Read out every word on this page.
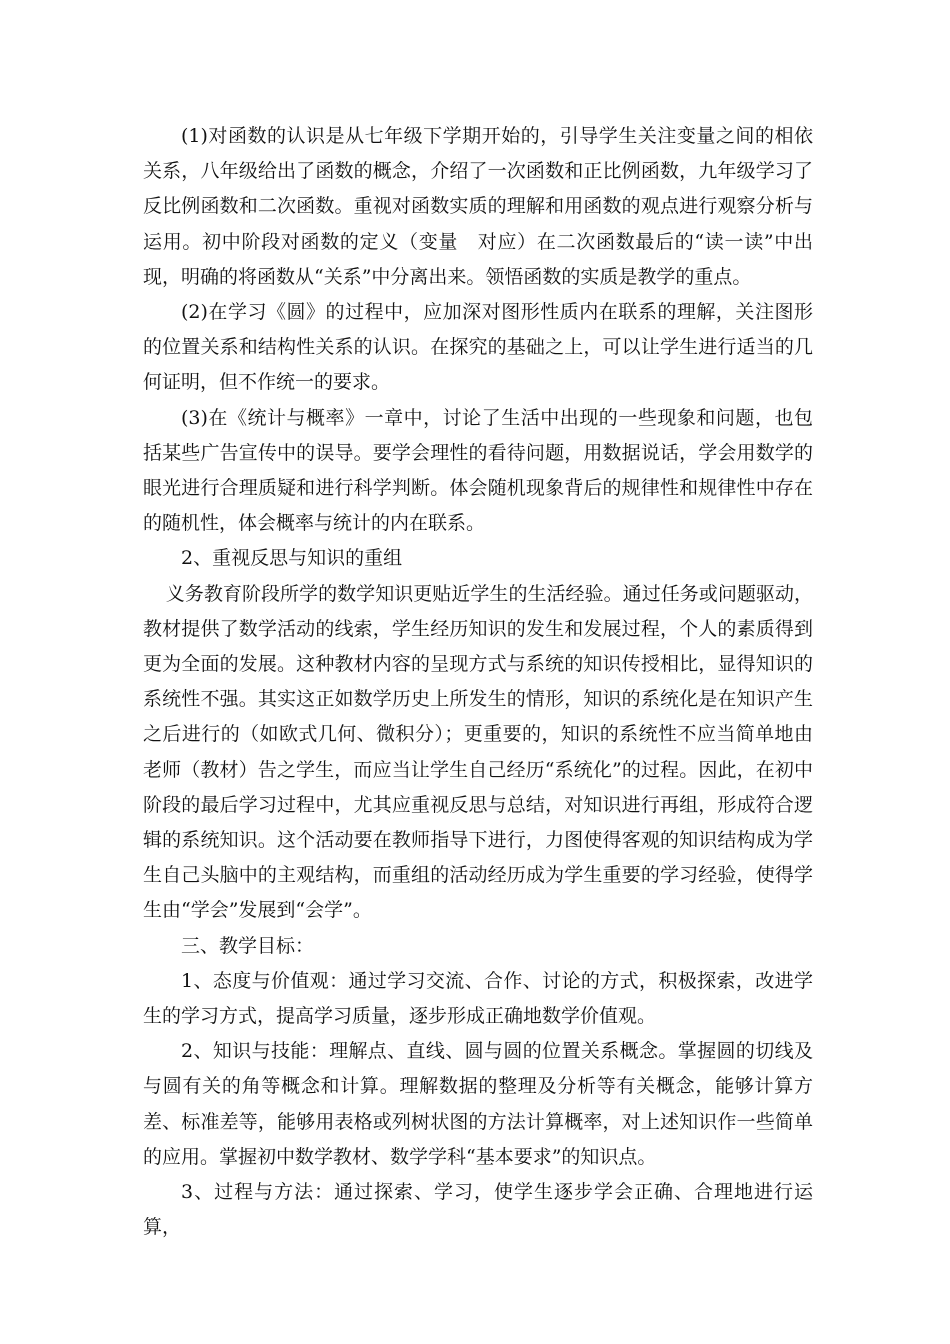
(1)对函数的认识是从七年级下学期开始的，引导学生关注变量之间的相依关系，八年级给出了函数的概念，介绍了一次函数和正比例函数，九年级学习了反比例函数和二次函数。重视对函数实质的理解和用函数的观点进行观察分析与运用。初中阶段对函数的定义（变量　对应）在二次函数最后的“读一读”中出现，明确的将函数从“关系”中分离出来。领悟函数的实质是教学的重点。

(2)在学习《圆》的过程中，应加深对图形性质内在联系的理解，关注图形的位置关系和结构性关系的认识。在探究的基础之上，可以让学生进行适当的几何证明，但不作统一的要求。

(3)在《统计与概率》一章中，讨论了生活中出现的一些现象和问题，也包括某些广告宣传中的误导。要学会理性的看待问题，用数据说话，学会用数学的眼光进行合理质疑和进行科学判断。体会随机现象背后的规律性和规律性中存在的随机性，体会概率与统计的内在联系。

2、重视反思与知识的重组

义务教育阶段所学的数学知识更贴近学生的生活经验。通过任务或问题驱动，教材提供了数学活动的线索，学生经历知识的发生和发展过程，个人的素质得到更为全面的发展。这种教材内容的呈现方式与系统的知识传授相比，显得知识的系统性不强。其实这正如数学历史上所发生的情形，知识的系统化是在知识产生之后进行的（如欧式几何、微积分）；更重要的，知识的系统性不应当简单地由老师（教材）告之学生，而应当让学生自己经历“系统化”的过程。因此，在初中阶段的最后学习过程中，尤其应重视反思与总结，对知识进行再组，形成符合逻辑的系统知识。这个活动要在教师指导下进行，力图使得客观的知识结构成为学生自己头脑中的主观结构，而重组的活动经历成为学生重要的学习经验，使得学生由“学会”发展到“会学”。

三、教学目标：

1、态度与价值观：通过学习交流、合作、讨论的方式，积极探索，改进学生的学习方式，提高学习质量，逐步形成正确地数学价值观。

2、知识与技能：理解点、直线、圆与圆的位置关系概念。掌握圆的切线及与圆有关的角等概念和计算。理解数据的整理及分析等有关概念，能够计算方差、标准差等，能够用表格或列树状图的方法计算概率，对上述知识作一些简单的应用。掌握初中数学教材、数学学科“基本要求”的知识点。

3、过程与方法：通过探索、学习，使学生逐步学会正确、合理地进行运算，
